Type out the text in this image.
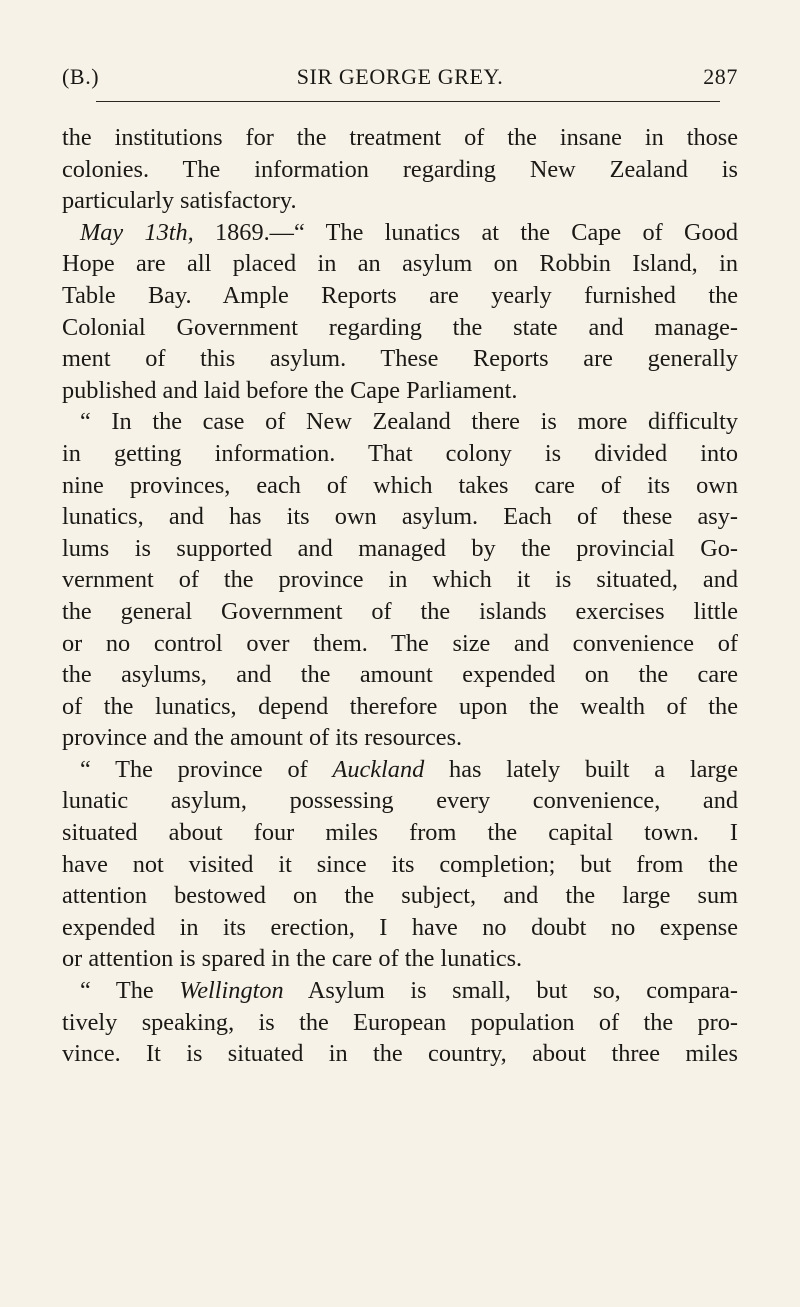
(B.)	SIR GEORGE GREY.	287
the institutions for the treatment of the insane in those
colonies. The information regarding New Zealand is
particularly satisfactory.
May 13th, 1869.—“ The lunatics at the Cape of Good
Hope are all placed in an asylum on Robbin Island, in
Table Bay. Ample Reports are yearly furnished the
Colonial Government regarding the state and manage-
ment of this asylum. These Reports are generally
published and laid before the Cape Parliament.
“ In the case of New Zealand there is more difficulty
in getting information. That colony is divided into
nine provinces, each of which takes care of its own
lunatics, and has its own asylum. Each of these asy-
lums is supported and managed by the provincial Go-
vernment of the province in which it is situated, and
the general Government of the islands exercises little
or no control over them. The size and convenience of
the asylums, and the amount expended on the care
of the lunatics, depend therefore upon the wealth of the
province and the amount of its resources.
“ The province of Auckland has lately built a large
lunatic asylum, possessing every convenience, and
situated about four miles from the capital town. I
have not visited it since its completion; but from the
attention bestowed on the subject, and the large sum
expended in its erection, I have no doubt no expense
or attention is spared in the care of the lunatics.
“ The Wellington Asylum is small, but so, compara-
tively speaking, is the European population of the pro-
vince. It is situated in the country, about three miles
